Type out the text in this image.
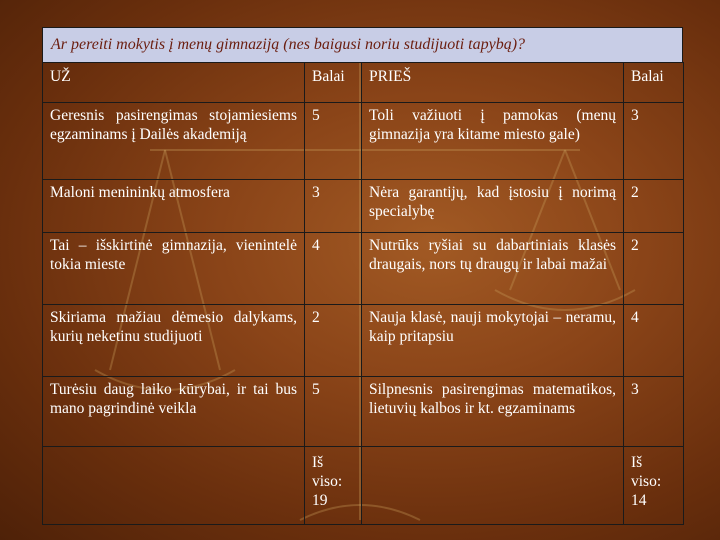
Ar pereiti mokytis į menų gimnaziją (nes baigusi noriu studijuoti tapybą)?
UŽ	Balai	PRIEŠ	Balai
Geresnis pasirengimas stojamiesiems egzaminams į Dailės akademiją	5	Toli važiuoti į pamokas (menų gimnazija yra kitame miesto gale)	3
Maloni menininkų atmosfera	3	Nėra garantijų, kad įstosiu į norimą specialybę	2
Tai – išskirtinė gimnazija, vienintelė tokia mieste	4	Nutrūks ryšiai su dabartiniais klasės draugais, nors tų draugų ir labai mažai	2
Skiriama mažiau dėmesio dalykams, kurių neketinu studijuoti	2	Nauja klasė, nauji mokytojai – neramu, kaip pritapsiu	4
Turėsiu daug laiko kūrybai, ir tai bus mano pagrindinė veikla	5	Silpnesnis pasirengimas matematikos, lietuvių kalbos ir kt. egzaminams	3
	Iš viso: 19		Iš viso: 14
